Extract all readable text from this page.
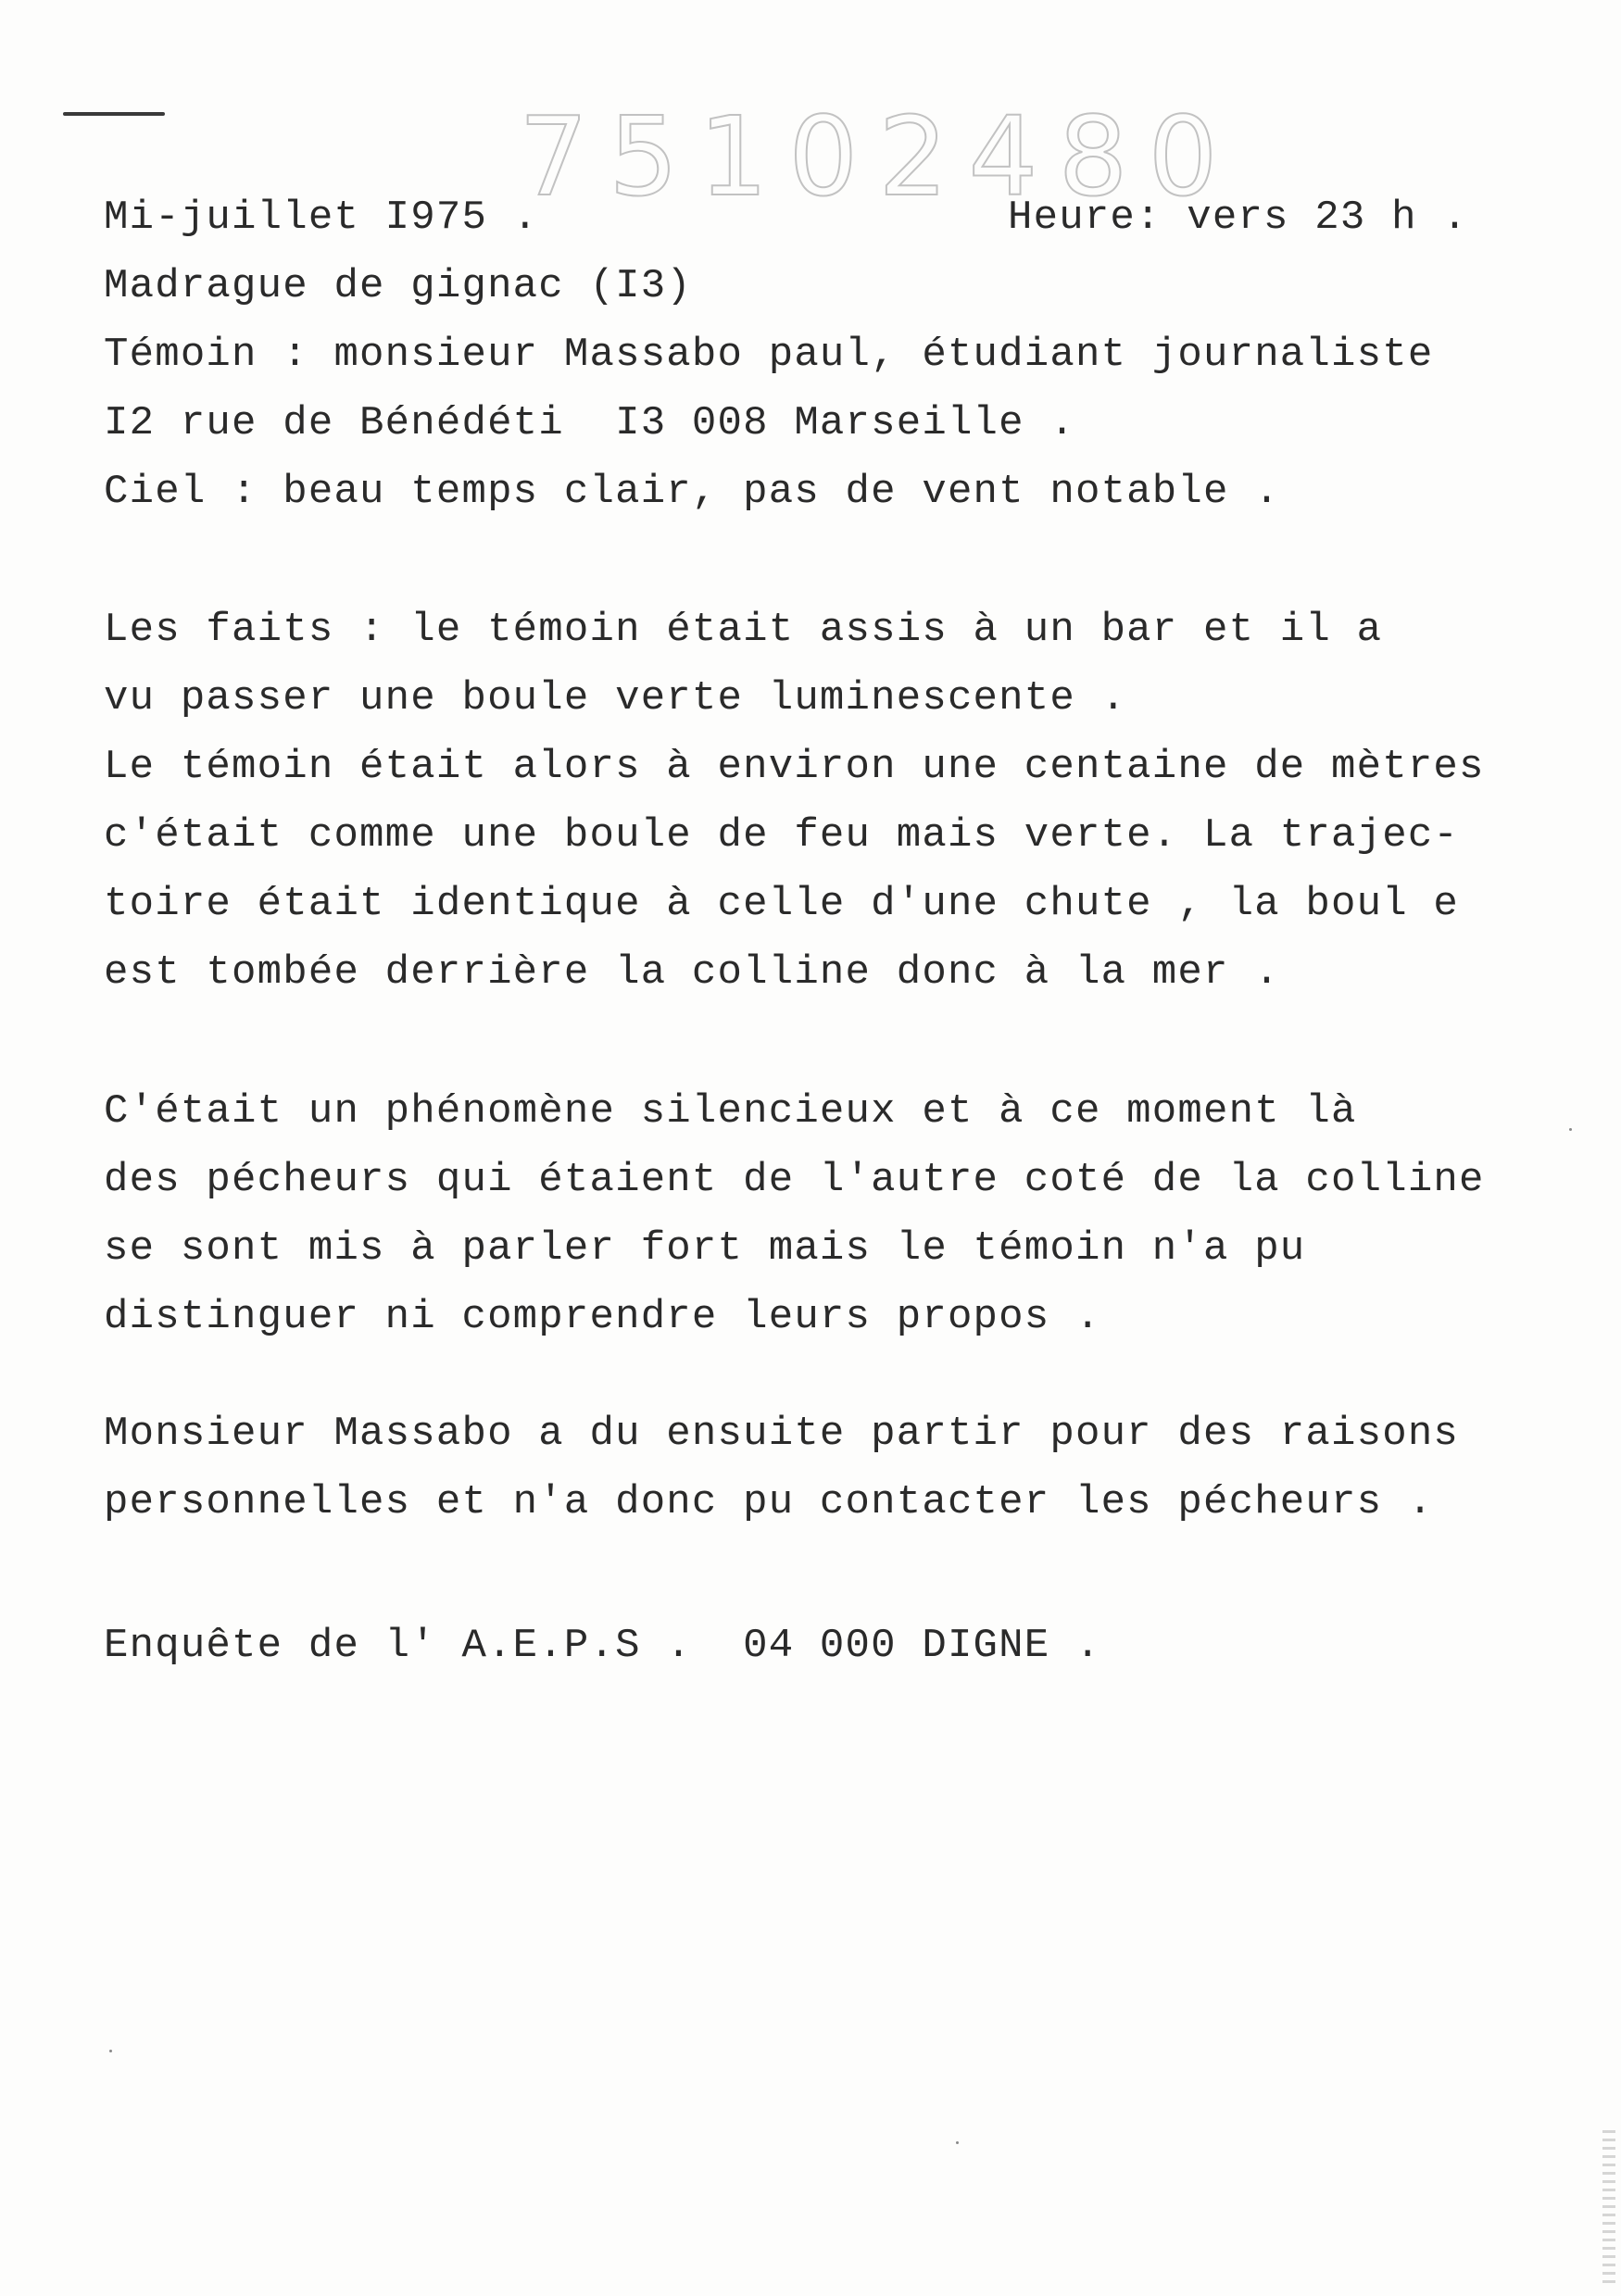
75102480
Mi-juillet I975 .	Heure: vers 23 h .
Madrague de gignac (I3)
Témoin : monsieur Massabo paul, étudiant journaliste
I2 rue de Bénédéti  I3 008 Marseille .
Ciel : beau temps clair, pas de vent notable .
Les faits : le témoin était assis à un bar et il a
vu passer une boule verte luminescente .
Le témoin était alors à environ une centaine de mètres
c'était comme une boule de feu mais verte. La trajec-
toire était identique à celle d'une chute , la boul e
est tombée derrière la colline donc à la mer .
C'était un phénomène silencieux et à ce moment là
des pécheurs qui étaient de l'autre coté de la colline
se sont mis à parler fort mais le témoin n'a pu
distinguer ni comprendre leurs propos .
Monsieur Massabo a du ensuite partir pour des raisons
personnelles et n'a donc pu contacter les pécheurs .
Enquête de l' A.E.P.S .  04 000 DIGNE .
